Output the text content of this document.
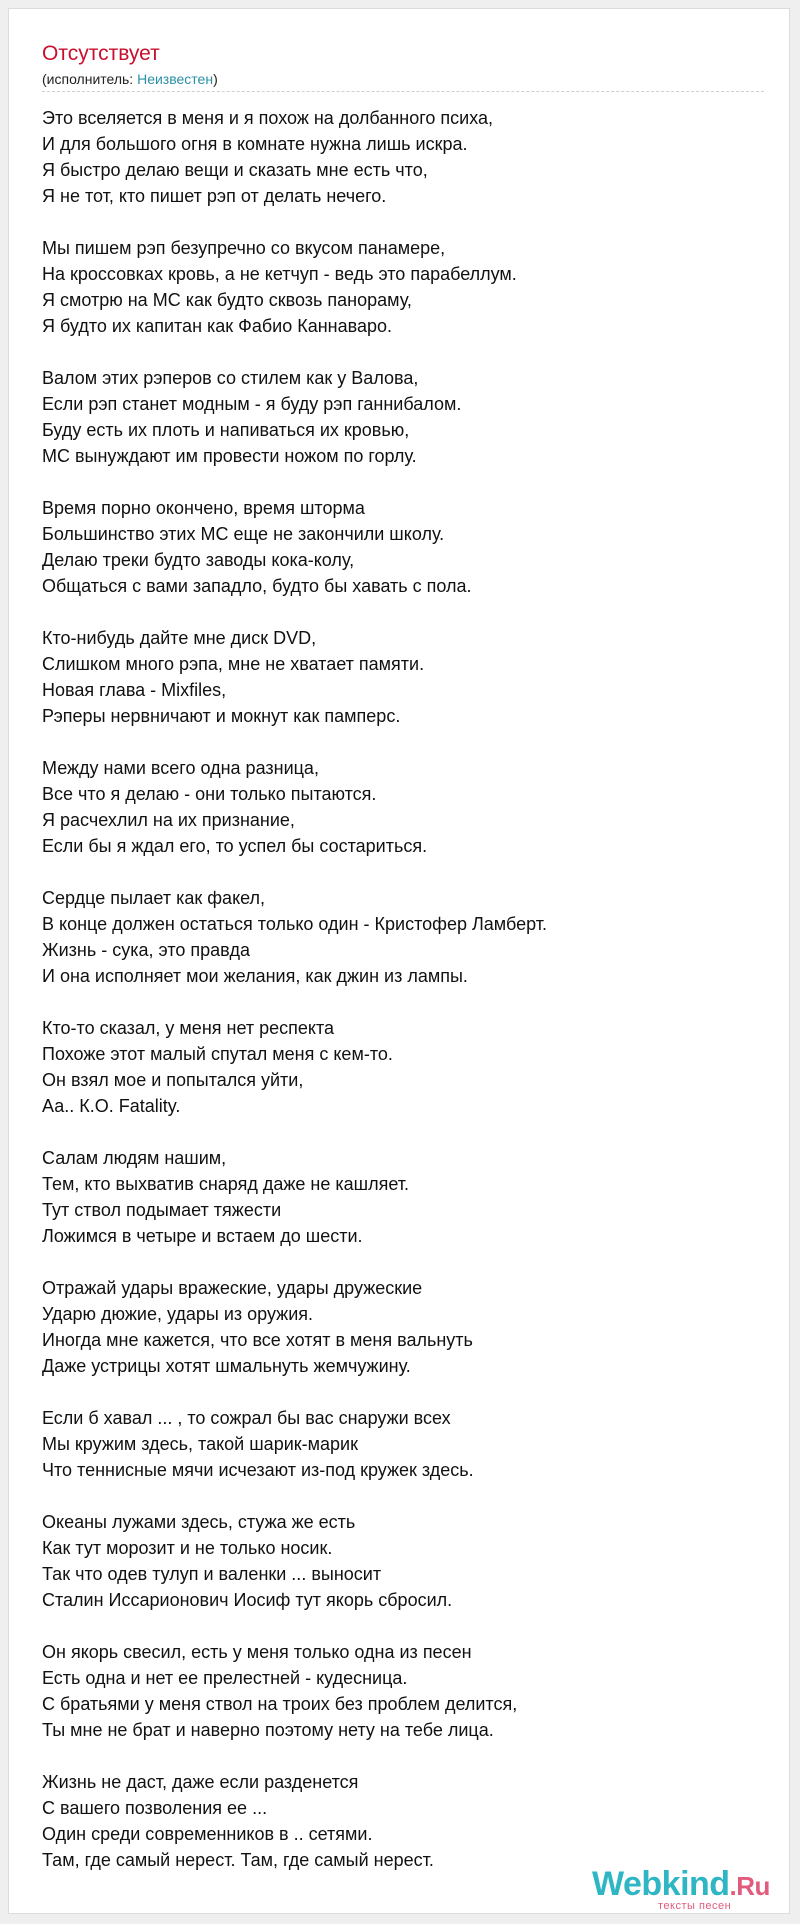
Отсутствует
(исполнитель: Неизвестен)
Это вселяется в меня и я похож на долбанного психа,
И для большого огня в комнате нужна лишь искра.
Я быстро делаю вещи и сказать мне есть что,
Я не тот, кто пишет рэп от делать нечего.
Мы пишем рэп безупречно со вкусом панамере,
На кроссовках кровь, а не кетчуп - ведь это парабеллум.
Я смотрю на МС как будто сквозь панораму,
Я будто их капитан как Фабио Каннаваро.
Валом этих рэперов со стилем как у Валова,
Если рэп станет модным - я буду рэп ганнибалом.
Буду есть их плоть и напиваться их кровью,
МС вынуждают им провести ножом по горлу.
Время порно окончено, время шторма
Большинство этих МС еще не закончили школу.
Делаю треки будто заводы кока-колу,
Общаться с вами западло, будто бы хавать с пола.
Кто-нибудь дайте мне диск DVD,
Слишком много рэпа, мне не хватает памяти.
Новая глава - Mixfiles,
Рэперы нервничают и мокнут как памперс.
Между нами всего одна разница,
Все что я делаю - они только пытаются.
Я расчехлил на их признание,
Если бы я ждал его, то успел бы состариться.
Сердце пылает как факел,
В конце должен остаться только один - Кристофер Ламберт.
Жизнь - сука, это правда
И она исполняет мои желания, как джин из лампы.
Кто-то сказал, у меня нет респекта
Похоже этот малый спутал меня с кем-то.
Он взял мое и попытался уйти,
Аа.. К.О. Fatality.
Салам людям нашим,
Тем, кто выхватив снаряд даже не кашляет.
Тут ствол подымает тяжести
Ложимся в четыре и встаем до шести.
Отражай удары вражеские, удары дружеские
Ударю дюжие, удары из оружия.
Иногда мне кажется, что все хотят в меня вальнуть
Даже устрицы хотят шмальнуть жемчужину.
Если б хавал ... , то сожрал бы вас снаружи всех
Мы кружим здесь, такой шарик-марик
Что теннисные мячи исчезают из-под кружек здесь.
Океаны лужами здесь, стужа же есть
Как тут морозит и не только носик.
Так что одев тулуп и валенки ... выносит
Сталин Иссарионович Иосиф тут якорь сбросил.
Он якорь свесил, есть у меня только одна из песен
Есть одна и нет ее прелестней - кудесница.
С братьями у меня ствол на троих без проблем делится,
Ты мне не брат и наверно поэтому нету на тебе лица.
Жизнь не даст, даже если разденется
С вашего позволения ее ...
Один среди современников в .. сетями.
Там, где самый нерест. Там, где самый нерест.
Webkind.Ru
тексты песен
